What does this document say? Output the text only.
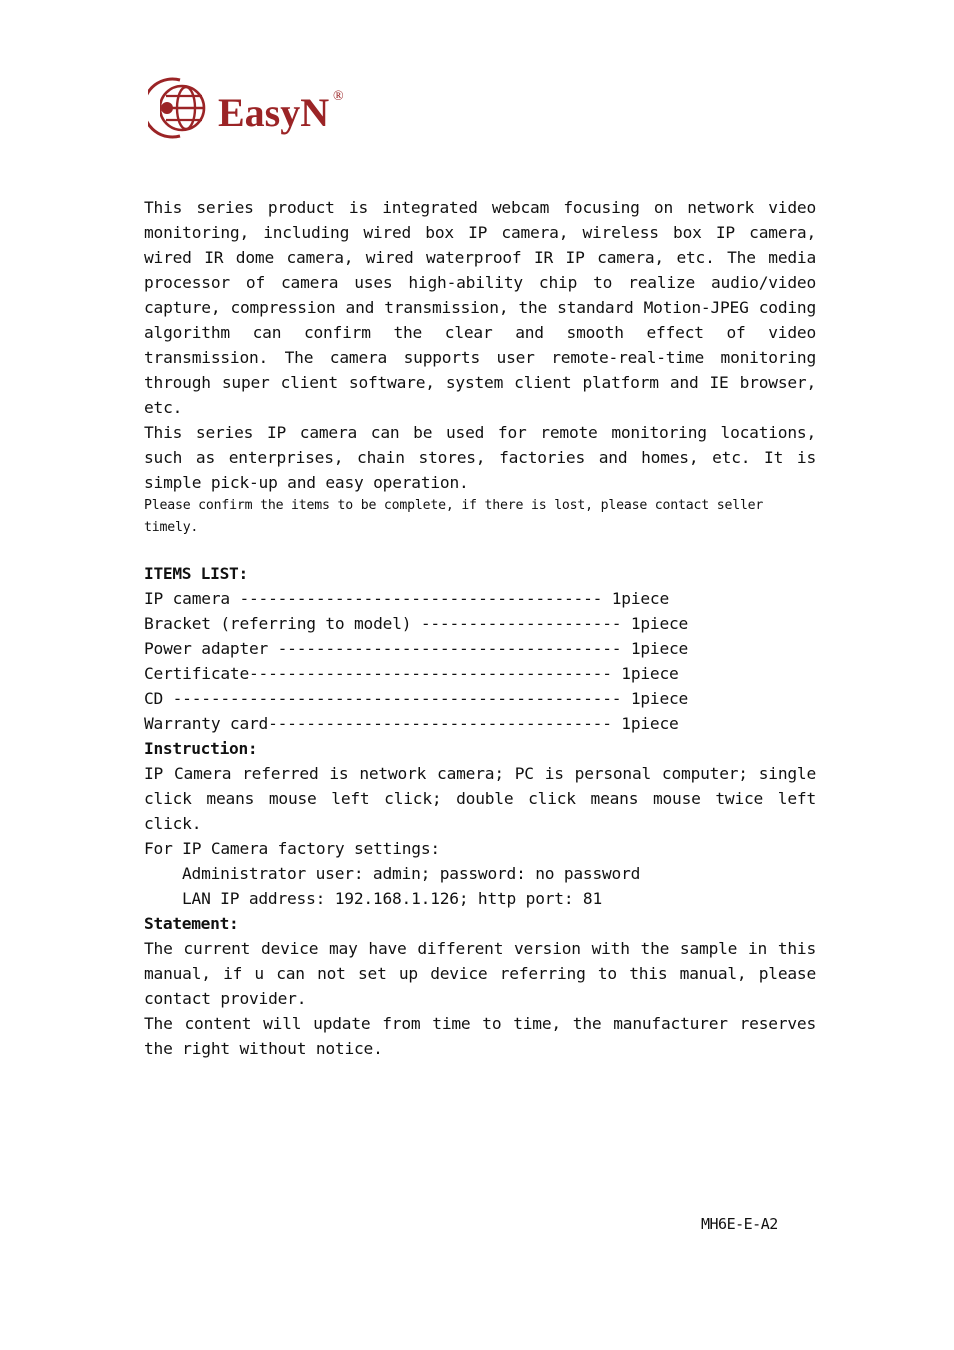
EasyN ®

This series product is integrated webcam focusing on network video monitoring, including wired box IP camera, wireless box IP camera, wired IR dome camera, wired waterproof IR IP camera, etc. The media processor of camera uses high-ability chip to realize audio/video capture, compression and transmission, the standard Motion-JPEG coding algorithm can confirm the clear and smooth effect of video transmission. The camera supports user remote-real-time monitoring through super client software, system client platform and IE browser, etc.

This series IP camera can be used for remote monitoring locations, such as enterprises, chain stores, factories and homes, etc. It is simple pick-up and easy operation.

Please confirm the items to be complete, if there is lost, please contact seller timely.

ITEMS LIST:

IP camera -------------------------------------- 1piece

Bracket (referring to model) --------------------- 1piece

Power adapter ------------------------------------ 1piece

Certificate-------------------------------------- 1piece

CD ----------------------------------------------- 1piece

Warranty card------------------------------------ 1piece

Instruction:

IP Camera referred is network camera; PC is personal computer; single click means mouse left click; double click means mouse twice left click.

For IP Camera factory settings:

Administrator user: admin; password: no password

LAN IP address: 192.168.1.126; http port: 81

Statement:

The current device may have different version with the sample in this manual, if u can not set up device referring to this manual, please contact provider.

The content will update from time to time, the manufacturer reserves the right without notice.

MH6E-E-A2
